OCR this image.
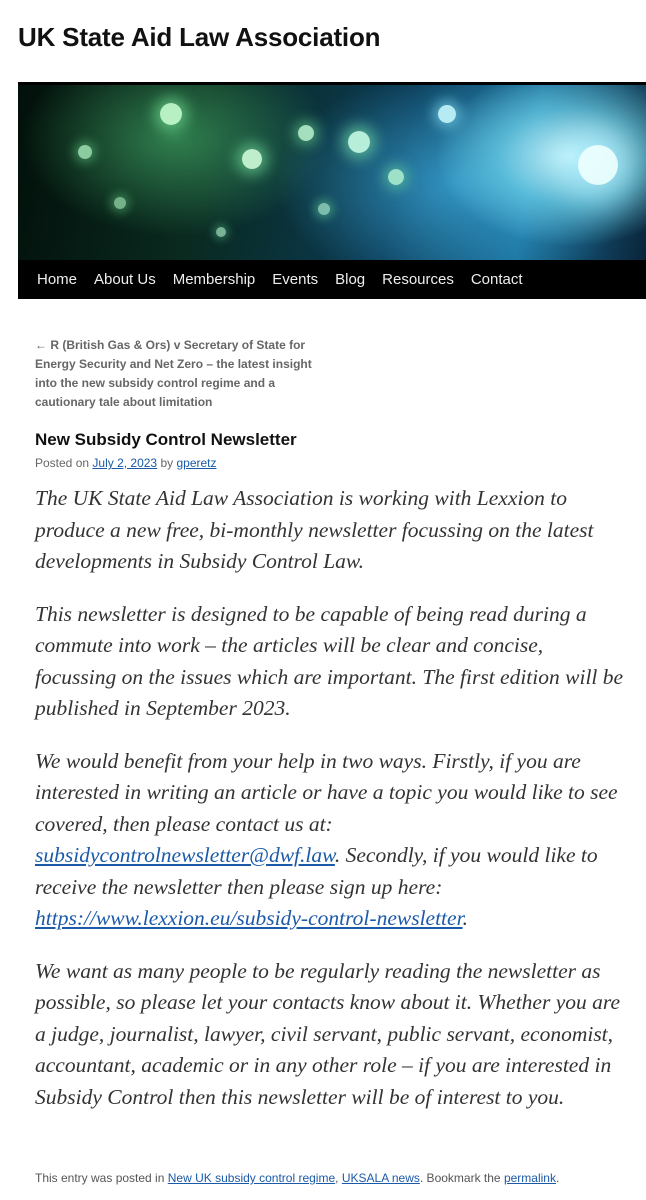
UK State Aid Law Association
Home About Us Membership Events Blog Resources Contact
← R (British Gas & Ors) v Secretary of State for Energy Security and Net Zero – the latest insight into the new subsidy control regime and a cautionary tale about limitation
New Subsidy Control Newsletter
Posted on July 2, 2023 by gperetz

The UK State Aid Law Association is working with Lexxion to produce a new free, bi-monthly newsletter focussing on the latest developments in Subsidy Control Law.

This newsletter is designed to be capable of being read during a commute into work – the articles will be clear and concise, focussing on the issues which are important. The first edition will be published in September 2023.

We would benefit from your help in two ways. Firstly, if you are interested in writing an article or have a topic you would like to see covered, then please contact us at: subsidycontrolnewsletter@dwf.law. Secondly, if you would like to receive the newsletter then please sign up here: https://www.lexxion.eu/subsidy-control-newsletter.

We want as many people to be regularly reading the newsletter as possible, so please let your contacts know about it. Whether you are a judge, journalist, lawyer, civil servant, public servant, economist, accountant, academic or in any other role – if you are interested in Subsidy Control then this newsletter will be of interest to you.

This entry was posted in New UK subsidy control regime, UKSALA news. Bookmark the permalink.
